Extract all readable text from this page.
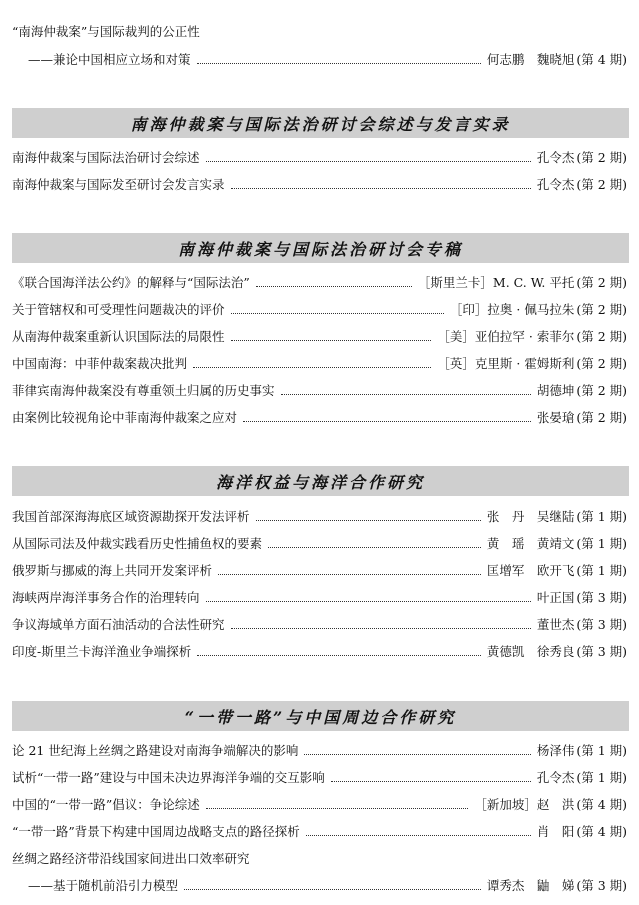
“南海仲裁案”与国际裁判的公正性
——兼论中国相应立场和对策	何志鹏　魏晓旭 (第 4 期)
南海仲裁案与国际法治研讨会综述与发言实录
南海仲裁案与国际法治研讨会综述	孔令杰 (第 2 期)
南海仲裁案与国际发至研讨会发言实录	孔令杰 (第 2 期)
南海仲裁案与国际法治研讨会专稿
《联合国海洋法公约》的解释与“国际法治”	［斯里兰卡］M. C. W. 平托 (第 2 期)
关于管辖权和可受理性问题裁决的评价	［印］拉奥 · 佩马拉朱 (第 2 期)
从南海仲裁案重新认识国际法的局限性	［美］亚伯拉罕 · 索菲尔 (第 2 期)
中国南海：中菲仲裁案裁决批判	［英］克里斯 · 霍姆斯利 (第 2 期)
菲律宾南海仲裁案没有尊重领土归属的历史事实	胡德坤 (第 2 期)
由案例比较视角论中菲南海仲裁案之应对	张晏瑲 (第 2 期)
海洋权益与海洋合作研究
我国首部深海海底区域资源勘探开发法评析	张　丹　吴继陆 (第 1 期)
从国际司法及仲裁实践看历史性捕鱼权的要素	黄　瑶　黄靖文 (第 1 期)
俄罗斯与挪威的海上共同开发案评析	匡增军　欧开飞 (第 1 期)
海峡两岸海洋事务合作的治理转向	叶正国 (第 3 期)
争议海域单方面石油活动的合法性研究	董世杰 (第 3 期)
印度-斯里兰卡海洋渔业争端探析	黄德凯　徐秀良 (第 3 期)
“一带一路”与中国周边合作研究
论 21 世纪海上丝绸之路建设对南海争端解决的影响	杨泽伟 (第 1 期)
试析“一带一路”建设与中国未决边界海洋争端的交互影响	孔令杰 (第 1 期)
中国的“一带一路”倡议：争论综述	［新加坡］赵　洪 (第 4 期)
“一带一路”背景下构建中国周边战略支点的路径探析	肖　阳 (第 4 期)
丝绸之路经济带沿线国家间进出口效率研究
——基于随机前沿引力模型	谭秀杰　鼬　娣 (第 3 期)
